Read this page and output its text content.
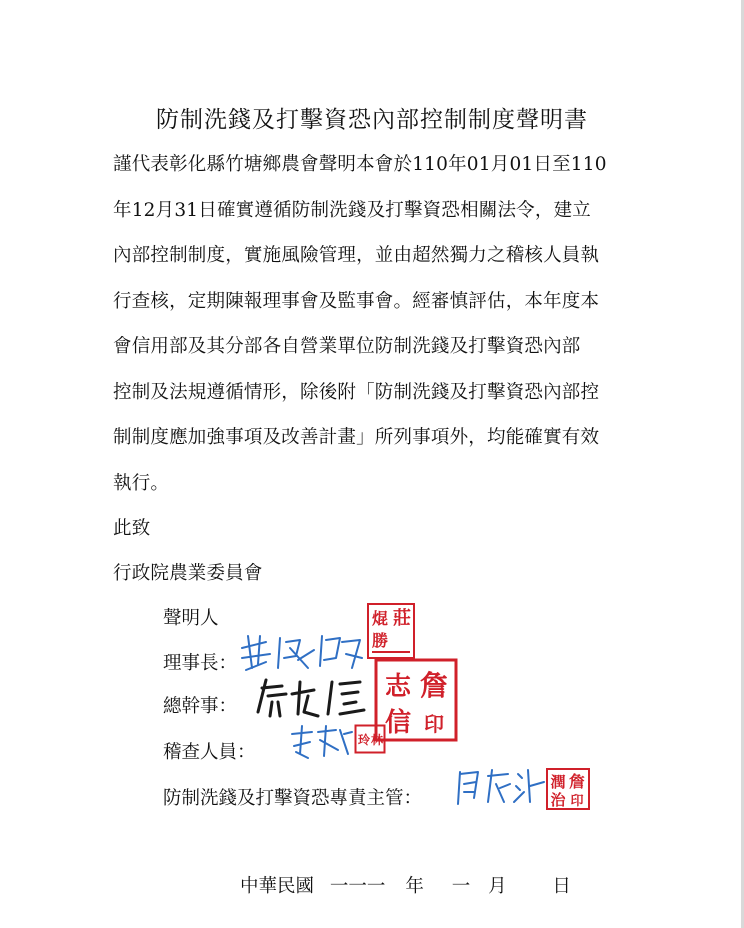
防制洗錢及打擊資恐內部控制制度聲明書
謹代表彰化縣竹塘鄉農會聲明本會於110年01月01日至110
年12月31日確實遵循防制洗錢及打擊資恐相關法令，建立
內部控制制度，實施風險管理，並由超然獨力之稽核人員執
行查核，定期陳報理事會及監事會。經審慎評估，本年度本
會信用部及其分部各自營業單位防制洗錢及打擊資恐內部
控制及法規遵循情形，除後附「防制洗錢及打擊資恐內部控
制制度應加強事項及改善計畫」所列事項外，均能確實有效
執行。
此致
行政院農業委員會
聲明人
理事長：
總幹事：
稽查人員：
防制洗錢及打擊資恐專責主管：
莊
焜
勝
詹
志
信 印
玲 林
詹
潤
治 印
中華民國 一一一 年 一 月 日
